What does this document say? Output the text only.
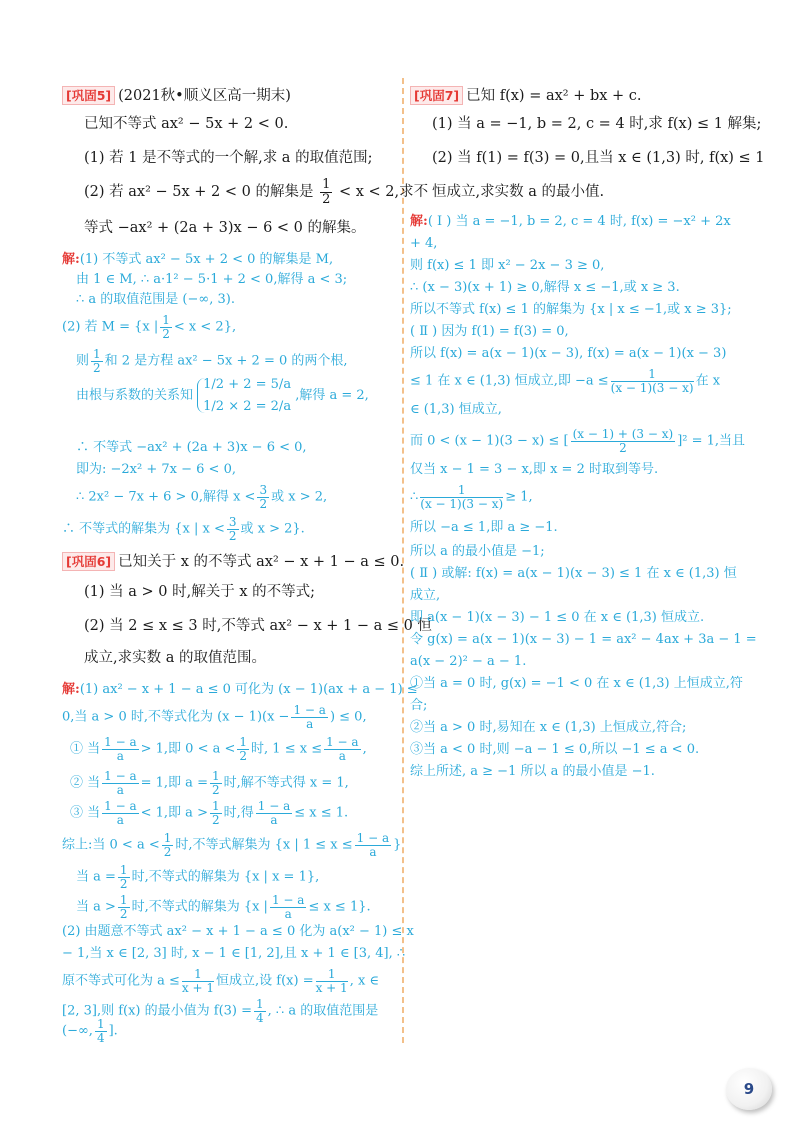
[巩固5] (2021秋•顺义区高一期末)
已知不等式 ax² − 5x + 2 < 0.
(1) 若 1 是不等式的一个解,求 a 的取值范围;
(2) 若 ax² − 5x + 2 < 0 的解集是 $\frac{1}{2} < x < 2$,求不
等式 −ax² + (2a + 3)x − 6 < 0 的解集。
解:(1) 不等式 ax² − 5x + 2 < 0 的解集是 M,
由 1 ∈ M, ∴ a·1² − 5·1 + 2 < 0,解得 a < 3;
∴ a 的取值范围是 (−∞, 3).
(2) 若 M = {x | $\frac{1}{2} < x < 2$},
则 $\frac{1}{2}$ 和 2 是方程 ax² − 5x + 2 = 0 的两个根,
由根与系数的关系知
1/2 + 2 = 5/a
1/2 × 2 = 2/a
,解得 a = 2,
∴ 不等式 −ax² + (2a + 3)x − 6 < 0,
即为: −2x² + 7x − 6 < 0,
∴ 2x² − 7x + 6 > 0,解得 $x < \frac{3}{2}$ 或 x > 2,
∴ 不等式的解集为 {x | $x < \frac{3}{2}$ 或 x > 2}.
[巩固6] 已知关于 x 的不等式 ax² − x + 1 − a ≤ 0.
(1) 当 a > 0 时,解关于 x 的不等式;
(2) 当 2 ≤ x ≤ 3 时,不等式 ax² − x + 1 − a ≤ 0 恒
成立,求实数 a 的取值范围。
解:(1) ax² − x + 1 − a ≤ 0 可化为 (x − 1)(ax + a − 1) ≤
0,当 a > 0 时,不等式化为 $(x - 1)(x - \frac{1 - a}{a}$ ) ≤ 0,
① 当 $\frac{1 - a}{a} > 1$,即 $0 < a < \frac{1}{2}$ 时, $1 \le x \le \frac{1 - a}{a}$ ,
② 当 $\frac{1 - a}{a} = 1$,即 $a = \frac{1}{2}$ 时,解不等式得 x = 1,
③ 当 $\frac{1 - a}{a} < 1$,即 $a > \frac{1}{2}$ 时,得 $\frac{1 - a}{a} \le x \le 1$.
综上:当 $0 < a < \frac{1}{2}$ 时,不等式解集为 {x | $1 \le x \le \frac{1 - a}{a}$ }
当 $a = \frac{1}{2}$ 时,不等式的解集为 {x | x = 1},
当 $a > \frac{1}{2}$ 时,不等式的解集为 {x | $\frac{1 - a}{a} \le x \le 1$}.
(2) 由题意不等式 ax² − x + 1 − a ≤ 0 化为 a(x² − 1) ≤ x
− 1,当 x ∈ [2, 3] 时, x − 1 ∈ [1, 2],且 x + 1 ∈ [3, 4], ∴
原不等式可化为 $a \le \frac{1}{x + 1}$ 恒成立,设 $f(x) = \frac{1}{x + 1}$ , x ∈
[2, 3],则 f(x) 的最小值为 $f(3) = \frac{1}{4}$ , ∴ a 的取值范围是
(−∞, $\frac{1}{4}$ ].
[巩固7] 已知 f(x) = ax² + bx + c.
(1) 当 a = −1, b = 2, c = 4 时,求 f(x) ≤ 1 解集;
(2) 当 f(1) = f(3) = 0,且当 x ∈ (1,3) 时, f(x) ≤ 1
恒成立,求实数 a 的最小值.
解:( Ⅰ ) 当 a = −1, b = 2, c = 4 时, f(x) = −x² + 2x
+ 4,
则 f(x) ≤ 1 即 x² − 2x − 3 ≥ 0,
∴ (x − 3)(x + 1) ≥ 0,解得 x ≤ −1,或 x ≥ 3.
所以不等式 f(x) ≤ 1 的解集为 {x | x ≤ −1,或 x ≥ 3};
( Ⅱ ) 因为 f(1) = f(3) = 0,
所以 f(x) = a(x − 1)(x − 3), f(x) = a(x − 1)(x − 3)
≤ 1 在 x ∈ (1,3) 恒成立,即 $-a \le \frac{1}{(x - 1)(3 - x)}$ 在 x
∈ (1,3) 恒成立,
而 0 < (x − 1)(3 − x) ≤ [ $\frac{(x - 1) + (3 - x)}{2} ]^2 = 1$,当且
仅当 x − 1 = 3 − x,即 x = 2 时取到等号.
∴ $\frac{1}{(x - 1)(3 - x)} \ge 1$,
所以 −a ≤ 1,即 a ≥ −1.
所以 a 的最小值是 −1;
( Ⅱ ) 或解: f(x) = a(x − 1)(x − 3) ≤ 1 在 x ∈ (1,3) 恒
成立,
即 a(x − 1)(x − 3) − 1 ≤ 0 在 x ∈ (1,3) 恒成立.
令 g(x) = a(x − 1)(x − 3) − 1 = ax² − 4ax + 3a − 1 =
a(x − 2)² − a − 1.
①当 a = 0 时, g(x) = −1 < 0 在 x ∈ (1,3) 上恒成立,符
合;
②当 a > 0 时,易知在 x ∈ (1,3) 上恒成立,符合;
③当 a < 0 时,则 −a − 1 ≤ 0,所以 −1 ≤ a < 0.
综上所述, a ≥ −1 所以 a 的最小值是 −1.
9
